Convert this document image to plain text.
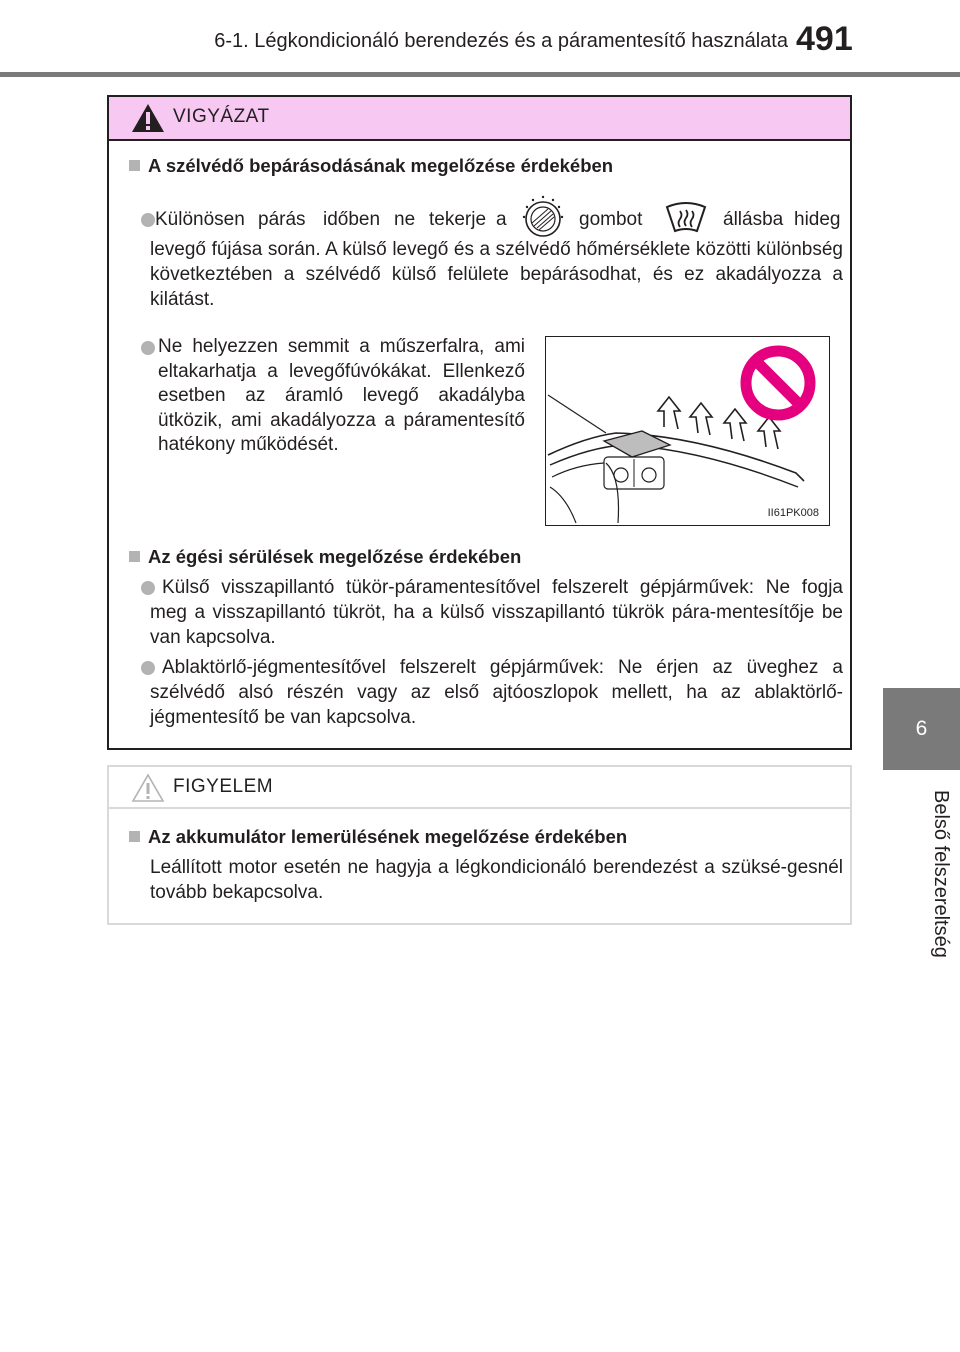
6-1. Légkondicionáló berendezés és a páramentesítő használata 491
6
Belső felszereltség
VIGYÁZAT
A szélvédő bepárásodásának megelőzése érdekében
Különösen párás időben ne tekerje a	gombot	állásba hideg
levegő fújása során. A külső levegő és a szélvédő hőmérséklete közötti különbség következtében a szélvédő külső felülete bepárásodhat, és ez akadályozza a kilátást.
Ne helyezzen semmit a műszerfalra, ami eltakarhatja a levegőfúvókákat. Ellenkező esetben az áramló levegő akadályba ütközik, ami akadályozza a páramentesítő hatékony működését.
II61PK008
Az égési sérülések megelőzése érdekében
Külső visszapillantó tükör-páramentesítővel felszerelt gépjárművek: Ne fogja meg a visszapillantó tükröt, ha a külső visszapillantó tükrök pára-mentesítője be van kapcsolva.
Ablaktörlő-jégmentesítővel felszerelt gépjárművek: Ne érjen az üveghez a szélvédő alsó részén vagy az első ajtóoszlopok mellett, ha az ablaktörlő-jégmentesítő be van kapcsolva.
FIGYELEM
Az akkumulátor lemerülésének megelőzése érdekében
Leállított motor esetén ne hagyja a légkondicionáló berendezést a szüksé-gesnél tovább bekapcsolva.
